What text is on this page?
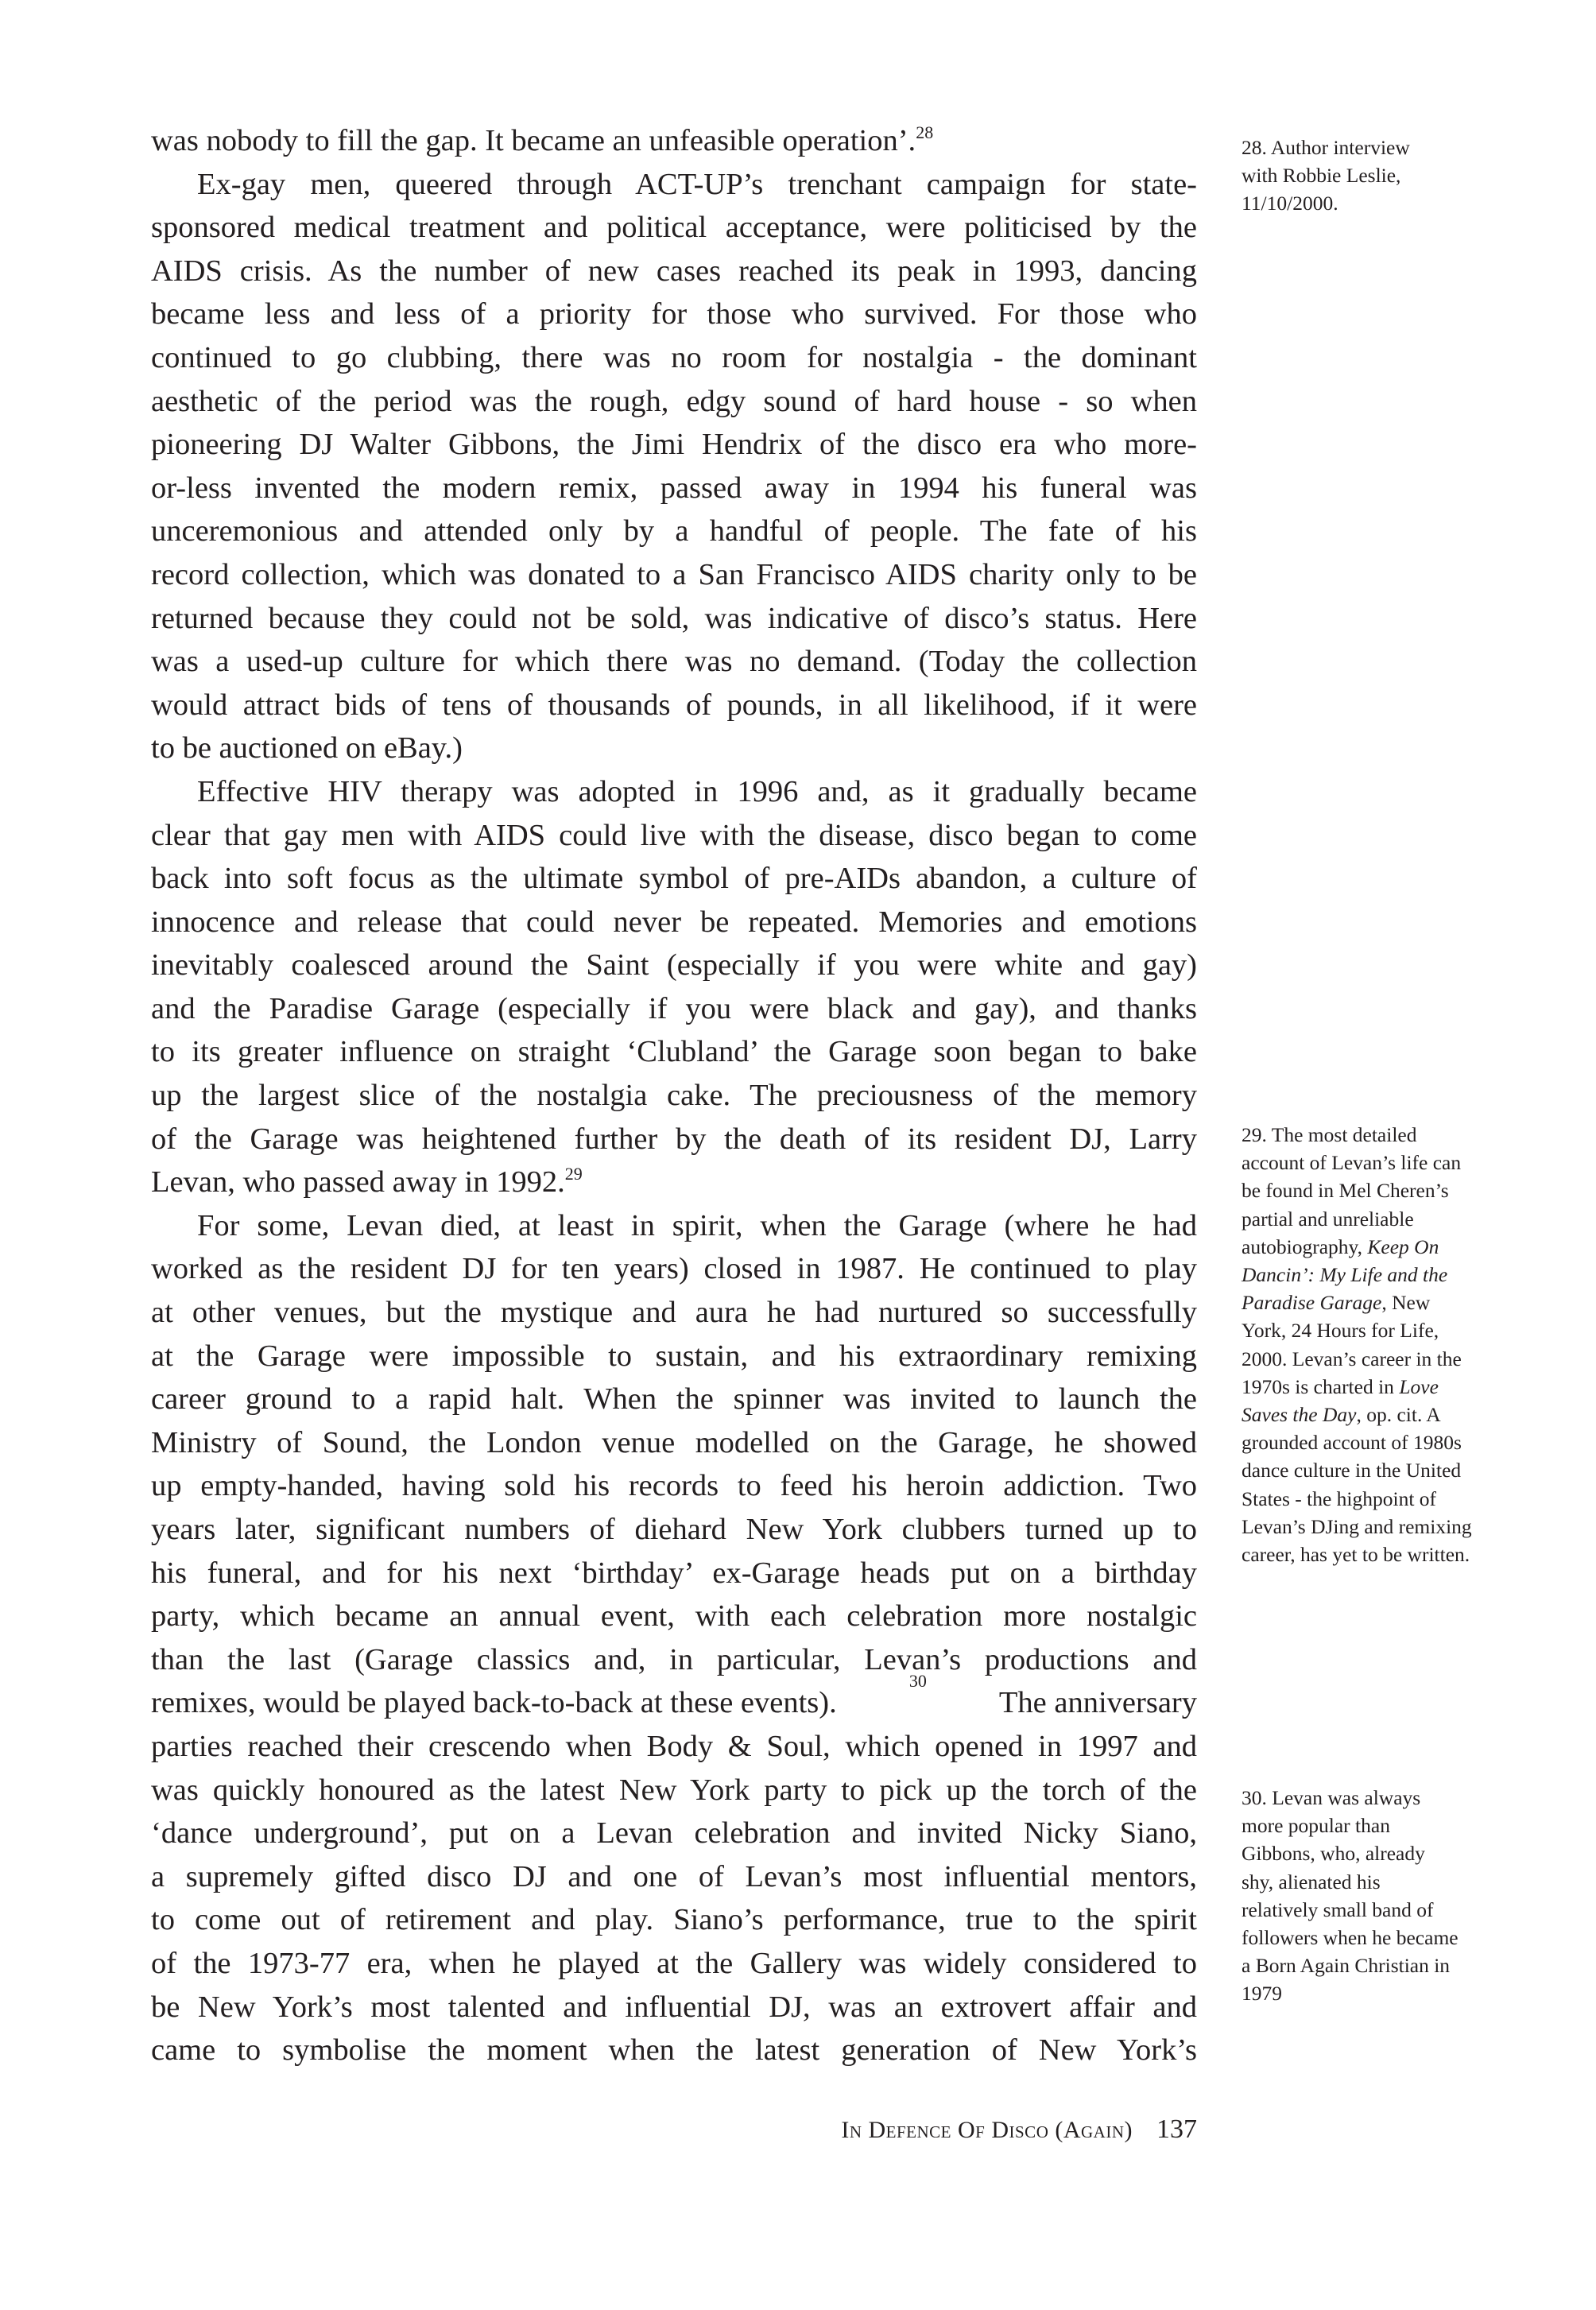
was nobody to fill the gap. It became an unfeasible operation’.$^{28}$
Ex-gay men, queered through ACT-UP’s trenchant campaign for state-
sponsored medical treatment and political acceptance, were politicised by the
AIDS crisis. As the number of new cases reached its peak in 1993, dancing
became less and less of a priority for those who survived. For those who
continued to go clubbing, there was no room for nostalgia - the dominant
aesthetic of the period was the rough, edgy sound of hard house - so when
pioneering DJ Walter Gibbons, the Jimi Hendrix of the disco era who more-
or-less invented the modern remix, passed away in 1994 his funeral was
unceremonious and attended only by a handful of people. The fate of his
record collection, which was donated to a San Francisco AIDS charity only to be
returned because they could not be sold, was indicative of disco’s status. Here
was a used-up culture for which there was no demand. (Today the collection
would attract bids of tens of thousands of pounds, in all likelihood, if it were
to be auctioned on eBay.)
Effective HIV therapy was adopted in 1996 and, as it gradually became
clear that gay men with AIDS could live with the disease, disco began to come
back into soft focus as the ultimate symbol of pre-AIDs abandon, a culture of
innocence and release that could never be repeated. Memories and emotions
inevitably coalesced around the Saint (especially if you were white and gay)
and the Paradise Garage (especially if you were black and gay), and thanks
to its greater influence on straight ‘Clubland’ the Garage soon began to bake
up the largest slice of the nostalgia cake. The preciousness of the memory
of the Garage was heightened further by the death of its resident DJ, Larry
Levan, who passed away in 1992.29
For some, Levan died, at least in spirit, when the Garage (where he had
worked as the resident DJ for ten years) closed in 1987. He continued to play
at other venues, but the mystique and aura he had nurtured so successfully
at the Garage were impossible to sustain, and his extraordinary remixing
career ground to a rapid halt. When the spinner was invited to launch the
Ministry of Sound, the London venue modelled on the Garage, he showed
up empty-handed, having sold his records to feed his heroin addiction. Two
years later, significant numbers of diehard New York clubbers turned up to
his funeral, and for his next ‘birthday’ ex-Garage heads put on a birthday
party, which became an annual event, with each celebration more nostalgic
than the last (Garage classics and, in particular, Levan’s productions and
remixes, would be played back-to-back at these events).
30
The anniversary
parties reached their crescendo when Body & Soul, which opened in 1997 and
was quickly honoured as the latest New York party to pick up the torch of the
‘dance underground’, put on a Levan celebration and invited Nicky Siano,
a supremely gifted disco DJ and one of Levan’s most influential mentors,
to come out of retirement and play. Siano’s performance, true to the spirit
of the 1973-77 era, when he played at the Gallery was widely considered to
be New York’s most talented and influential DJ, was an extrovert affair and
came to symbolise the moment when the latest generation of New York’s
28. Author interview
with Robbie Leslie,
11/10/2000.
29. The most detailed account of Levan’s life can be found in Mel Cheren’s partial and unreliable autobiography, Keep On Dancin’: My Life and the Paradise Garage, New York, 24 Hours for Life, 2000. Levan’s career in the 1970s is charted in Love Saves the Day, op. cit. A grounded account of 1980s dance culture in the United States - the highpoint of Levan’s DJing and remixing career, has yet to be written.
30. Levan was always more popular than Gibbons, who, already shy, alienated his relatively small band of followers when he became a Born Again Christian in 1979
In Defence Of Disco (Again) 137
